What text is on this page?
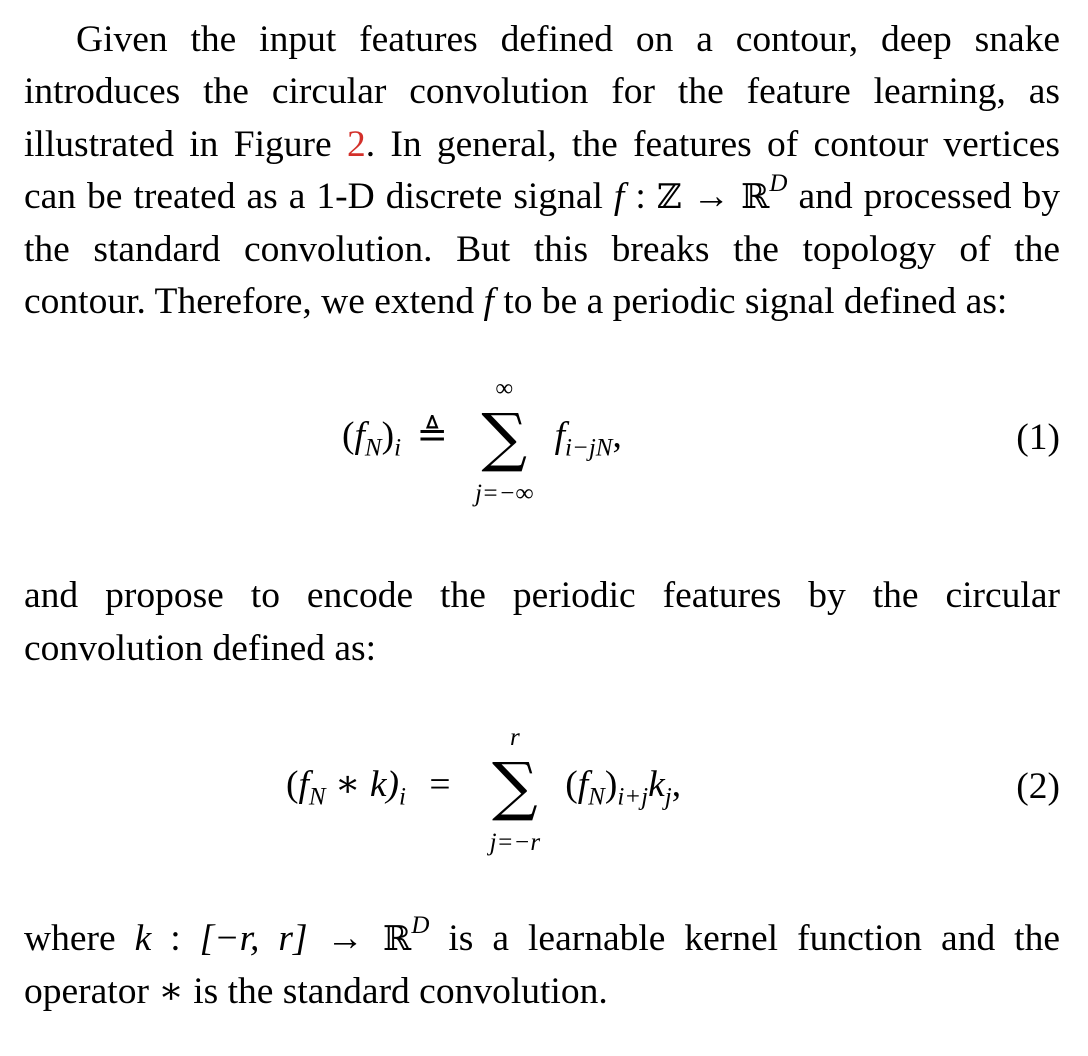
Given the input features defined on a contour, deep snake introduces the circular convolution for the feature learning, as illustrated in Figure 2. In general, the features of contour vertices can be treated as a 1-D discrete signal f : ℤ → ℝ$^D$ and processed by the standard convolution. But this breaks the topology of the contour. Therefore, we extend f to be a periodic signal defined as:

$(f_N)_i$ ≜
∞
∑
j=−∞
$f_{i-jN}$,	(1)

and propose to encode the periodic features by the circular convolution defined as:

($f_N$ ∗ $k)_i$ =
r
∑
j=−r
$(f_N)_{i+j}k_j$,	(2)

where k : [−r, r] → ℝ$^D$ is a learnable kernel function and the operator ∗ is the standard convolution.
